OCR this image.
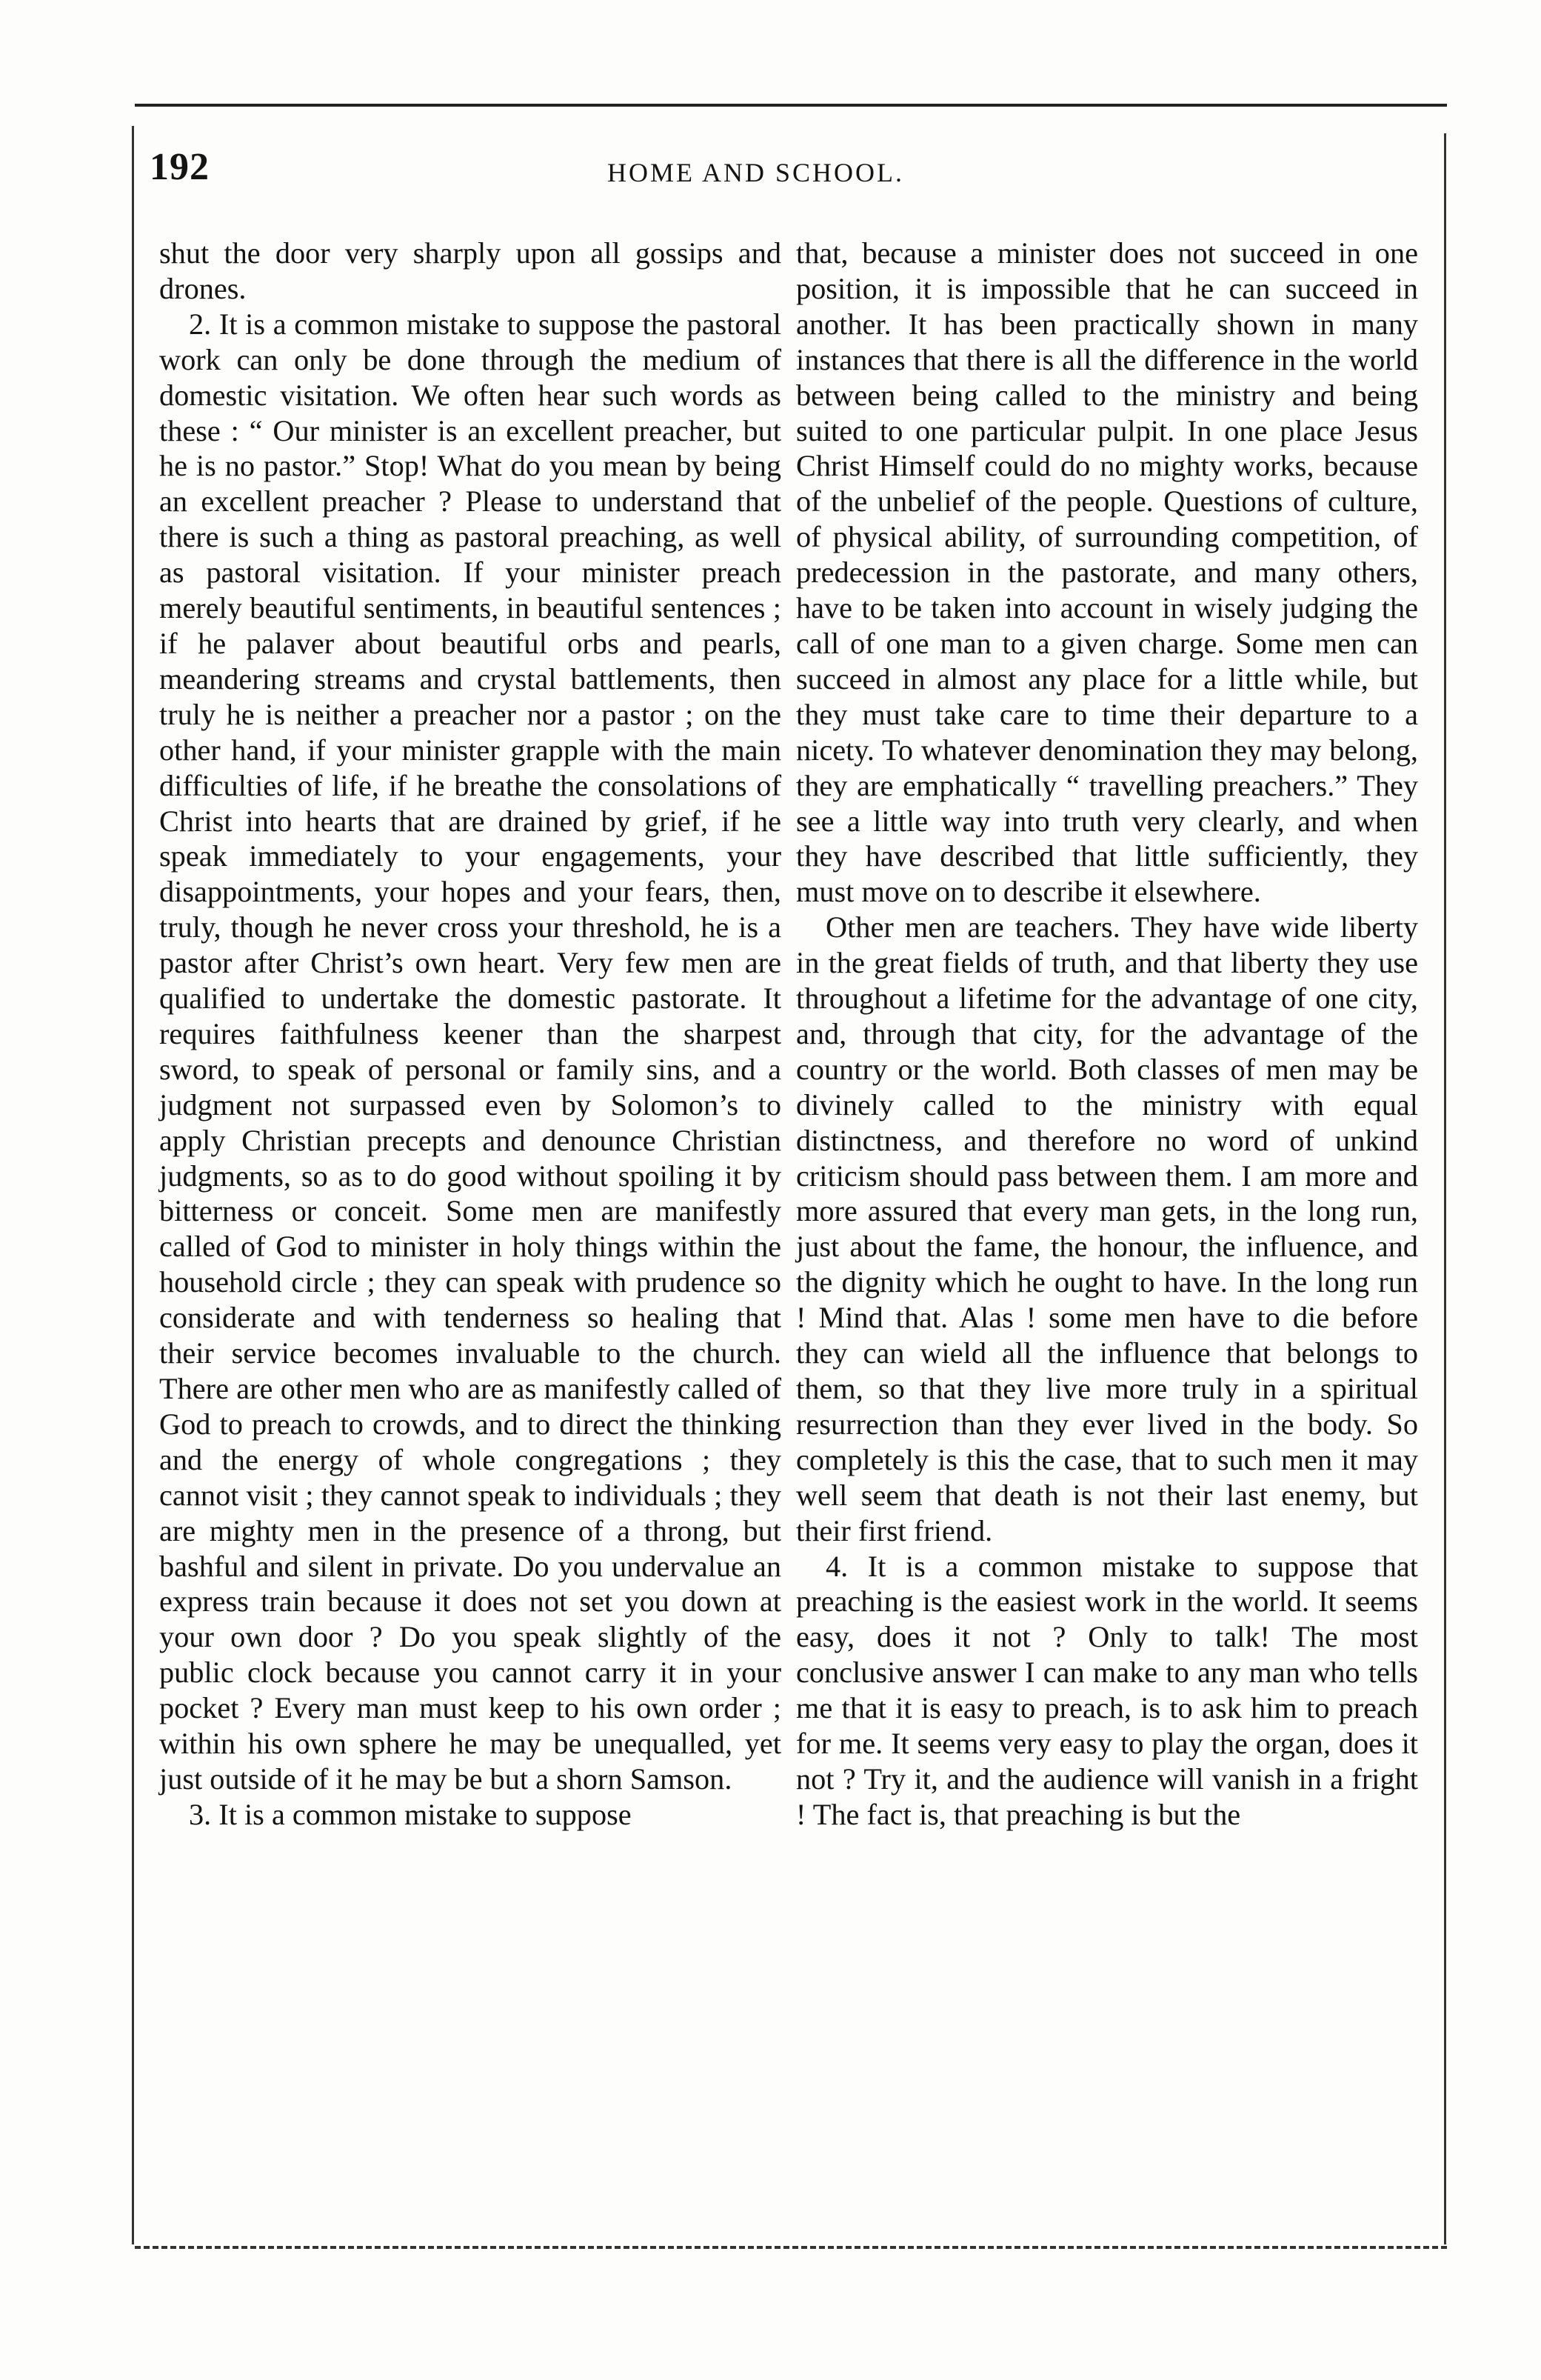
192	HOME AND SCHOOL.

shut the door very sharply upon all gossips and drones.

2. It is a common mistake to suppose the pastoral work can only be done through the medium of domestic visitation. We often hear such words as these : “ Our minister is an excellent preacher, but he is no pastor.” Stop! What do you mean by being an excellent preacher ? Please to understand that there is such a thing as pastoral preaching, as well as pastoral visitation. If your minister preach merely beautiful sentiments, in beautiful sentences ; if he palaver about beautiful orbs and pearls, meandering streams and crystal battlements, then truly he is neither a preacher nor a pastor ; on the other hand, if your minister grapple with the main difficulties of life, if he breathe the consolations of Christ into hearts that are drained by grief, if he speak immediately to your engagements, your disappointments, your hopes and your fears, then, truly, though he never cross your threshold, he is a pastor after Christ’s own heart. Very few men are qualified to undertake the domestic pastorate. It requires faithfulness keener than the sharpest sword, to speak of personal or family sins, and a judgment not surpassed even by Solomon’s to apply Christian precepts and denounce Christian judgments, so as to do good without spoiling it by bitterness or conceit. Some men are manifestly called of God to minister in holy things within the household circle ; they can speak with prudence so considerate and with tenderness so healing that their service becomes invaluable to the church. There are other men who are as manifestly called of God to preach to crowds, and to direct the thinking and the energy of whole congregations ; they cannot visit ; they cannot speak to individuals ; they are mighty men in the presence of a throng, but bashful and silent in private. Do you undervalue an express train because it does not set you down at your own door ? Do you speak slightly of the public clock because you cannot carry it in your pocket ? Every man must keep to his own order ; within his own sphere he may be unequalled, yet just outside of it he may be but a shorn Samson.

3. It is a common mistake to suppose

that, because a minister does not succeed in one position, it is impossible that he can succeed in another. It has been practically shown in many instances that there is all the difference in the world between being called to the ministry and being suited to one particular pulpit. In one place Jesus Christ Himself could do no mighty works, because of the unbelief of the people. Questions of culture, of physical ability, of surrounding competition, of predecession in the pastorate, and many others, have to be taken into account in wisely judging the call of one man to a given charge. Some men can succeed in almost any place for a little while, but they must take care to time their departure to a nicety. To whatever denomination they may belong, they are emphatically “ travelling preachers.” They see a little way into truth very clearly, and when they have described that little sufficiently, they must move on to describe it elsewhere.

Other men are teachers. They have wide liberty in the great fields of truth, and that liberty they use throughout a lifetime for the advantage of one city, and, through that city, for the advantage of the country or the world. Both classes of men may be divinely called to the ministry with equal distinctness, and therefore no word of unkind criticism should pass between them. I am more and more assured that every man gets, in the long run, just about the fame, the honour, the influence, and the dignity which he ought to have. In the long run ! Mind that. Alas ! some men have to die before they can wield all the influence that belongs to them, so that they live more truly in a spiritual resurrection than they ever lived in the body. So completely is this the case, that to such men it may well seem that death is not their last enemy, but their first friend.

4. It is a common mistake to suppose that preaching is the easiest work in the world. It seems easy, does it not ? Only to talk! The most conclusive answer I can make to any man who tells me that it is easy to preach, is to ask him to preach for me. It seems very easy to play the organ, does it not ? Try it, and the audience will vanish in a fright ! The fact is, that preaching is but the
